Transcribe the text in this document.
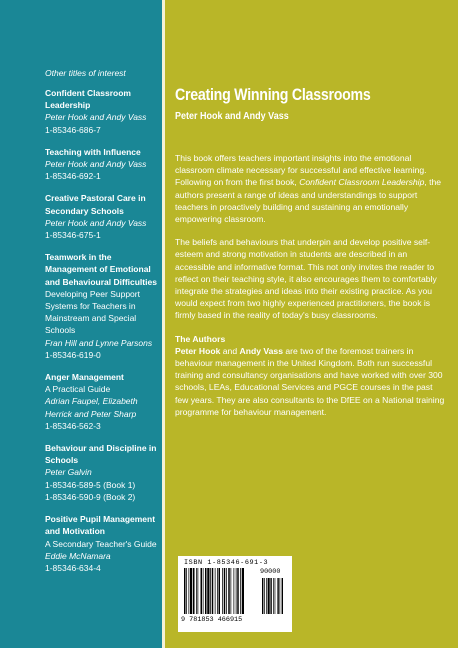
Other titles of interest
Confident Classroom Leadership
Peter Hook and Andy Vass
1-85346-686-7
Teaching with Influence
Peter Hook and Andy Vass
1-85346-692-1
Creative Pastoral Care in Secondary Schools
Peter Hook and Andy Vass
1-85346-675-1
Teamwork in the Management of Emotional and Behavioural Difficulties
Developing Peer Support Systems for Teachers in Mainstream and Special Schools
Fran Hill and Lynne Parsons
1-85346-619-0
Anger Management
A Practical Guide
Adrian Faupel, Elizabeth Herrick and Peter Sharp
1-85346-562-3
Behaviour and Discipline in Schools
Peter Galvin
1-85346-589-5 (Book 1)
1-85346-590-9 (Book 2)
Positive Pupil Management and Motivation
A Secondary Teacher's Guide
Eddie McNamara
1-85346-634-4
Creating Winning Classrooms
Peter Hook and Andy Vass

This book offers teachers important insights into the emotional classroom climate necessary for successful and effective learning. Following on from the first book, Confident Classroom Leadership, the authors present a range of ideas and understandings to support teachers in proactively building and sustaining an emotionally empowering classroom.

The beliefs and behaviours that underpin and develop positive self-esteem and strong motivation in students are described in an accessible and informative format. This not only invites the reader to reflect on their teaching style, it also encourages them to comfortably integrate the strategies and ideas into their existing practice. As you would expect from two highly experienced practitioners, the book is firmly based in the reality of today's busy classrooms.

The Authors

Peter Hook and Andy Vass are two of the foremost trainers in behaviour management in the United Kingdom. Both run successful training and consultancy organisations and have worked with over 300 schools, LEAs, Educational Services and PGCE courses in the past few years. They are also consultants to the DfEE on a National training programme for behaviour management.

ISBN 1-85346-691-3
90000
9 781853 466915
